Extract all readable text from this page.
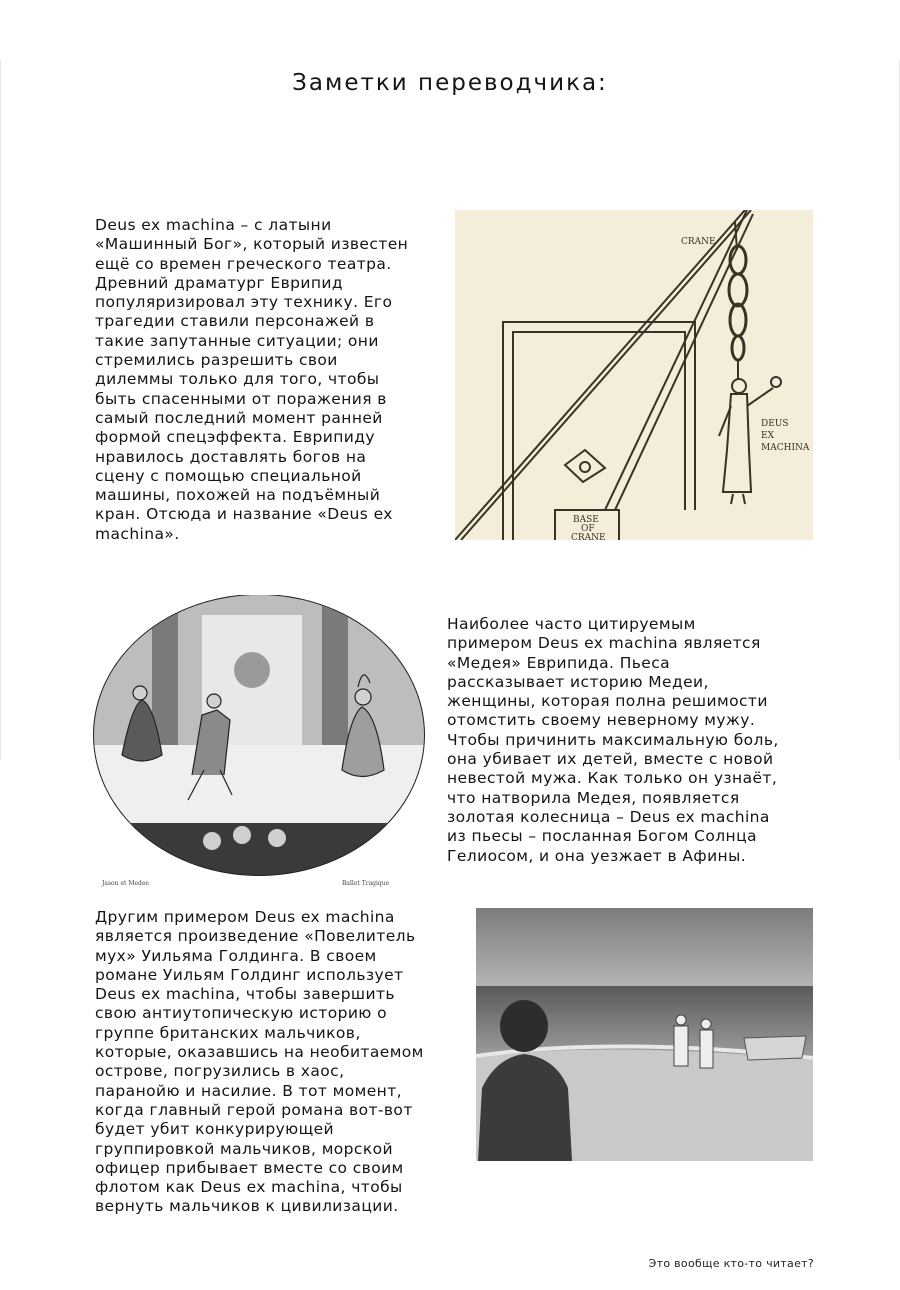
Заметки переводчика:

Deus ex machina – с латыни
«Машинный Бог», который известен
ещё со времен греческого театра.
Древний драматург Еврипид
популяризировал эту технику. Его
трагедии ставили персонажей в
такие запутанные ситуации; они
стремились разрешить свои
дилеммы только для того, чтобы
быть спасенными от поражения в
самый последний момент ранней
формой спецэффекта. Еврипиду
нравилось доставлять богов на
сцену с помощью специальной
машины, похожей на подъёмный
кран. Отсюда и название «Deus ex
machina».

CRANE
DEUS
EX
MACHINA
BASE
OF
CRANE
Jason et Medee	Ballet Tragique

Наиболее часто цитируемым
примером Deus ex machina является
«Медея» Еврипида. Пьеса
рассказывает историю Медеи,
женщины, которая полна решимости
отомстить своему неверному мужу.
Чтобы причинить максимальную боль,
она убивает их детей, вместе с новой
невестой мужа. Как только он узнаёт,
что натворила Медея, появляется
золотая колесница – Deus ex machina
из пьесы – посланная Богом Солнца
Гелиосом, и она уезжает в Афины.

Другим примером Deus ex machina
является произведение «Повелитель
мух» Уильяма Голдинга. В своем
романе Уильям Голдинг использует
Deus ex machina, чтобы завершить
свою антиутопическую историю о
группе британских мальчиков,
которые, оказавшись на необитаемом
острове, погрузились в хаос,
паранойю и насилие. В тот момент,
когда главный герой романа вот-вот
будет убит конкурирующей
группировкой мальчиков, морской
офицер прибывает вместе со своим
флотом как Deus ex machina, чтобы
вернуть мальчиков к цивилизации.

Это вообще кто-то читает?
